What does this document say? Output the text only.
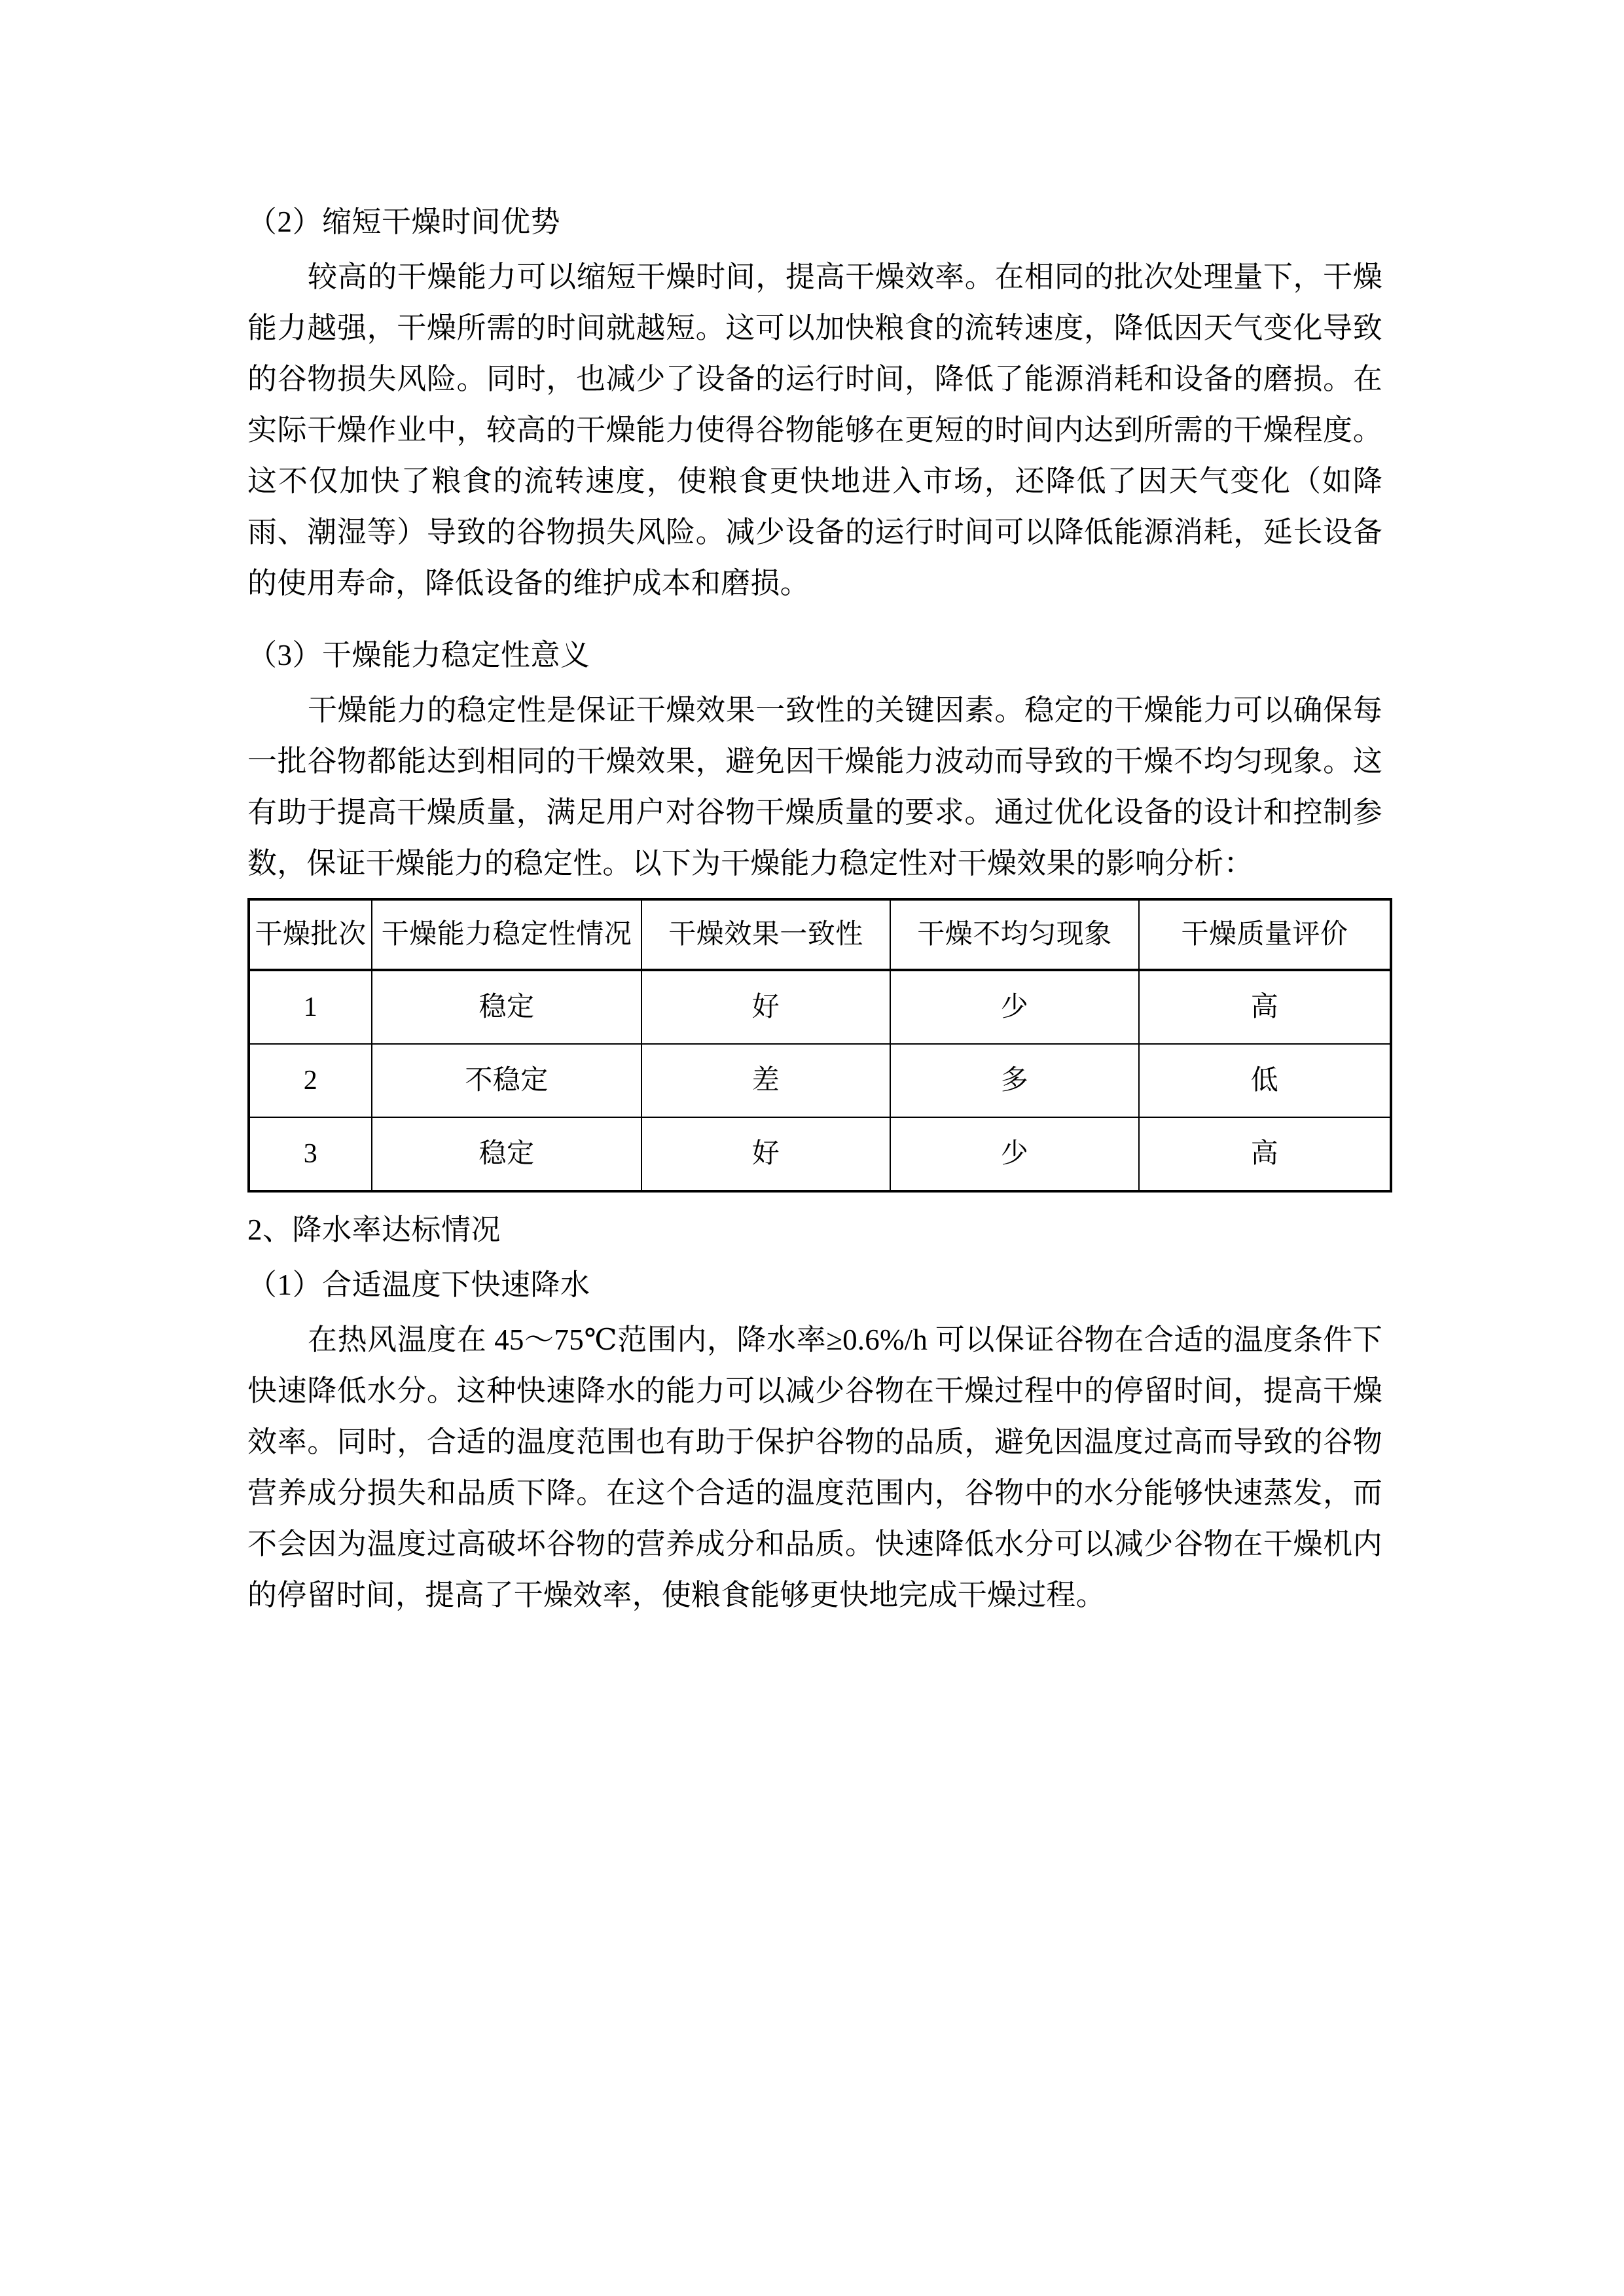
（2）缩短干燥时间优势
较高的干燥能力可以缩短干燥时间，提高干燥效率。在相同的批次处理量下，干燥能力越强，干燥所需的时间就越短。这可以加快粮食的流转速度，降低因天气变化导致的谷物损失风险。同时，也减少了设备的运行时间，降低了能源消耗和设备的磨损。在实际干燥作业中，较高的干燥能力使得谷物能够在更短的时间内达到所需的干燥程度。这不仅加快了粮食的流转速度，使粮食更快地进入市场，还降低了因天气变化（如降雨、潮湿等）导致的谷物损失风险。减少设备的运行时间可以降低能源消耗，延长设备的使用寿命，降低设备的维护成本和磨损。
（3）干燥能力稳定性意义
干燥能力的稳定性是保证干燥效果一致性的关键因素。稳定的干燥能力可以确保每一批谷物都能达到相同的干燥效果，避免因干燥能力波动而导致的干燥不均匀现象。这有助于提高干燥质量，满足用户对谷物干燥质量的要求。通过优化设备的设计和控制参数，保证干燥能力的稳定性。以下为干燥能力稳定性对干燥效果的影响分析：
干燥批次	干燥能力稳定性情况	干燥效果一致性	干燥不均匀现象	干燥质量评价
1	稳定	好	少	高
2	不稳定	差	多	低
3	稳定	好	少	高
2、降水率达标情况
（1）合适温度下快速降水
在热风温度在 45～75℃范围内，降水率≥0.6%/h 可以保证谷物在合适的温度条件下快速降低水分。这种快速降水的能力可以减少谷物在干燥过程中的停留时间，提高干燥效率。同时，合适的温度范围也有助于保护谷物的品质，避免因温度过高而导致的谷物营养成分损失和品质下降。在这个合适的温度范围内，谷物中的水分能够快速蒸发，而不会因为温度过高破坏谷物的营养成分和品质。快速降低水分可以减少谷物在干燥机内的停留时间，提高了干燥效率，使粮食能够更快地完成干燥过程。
